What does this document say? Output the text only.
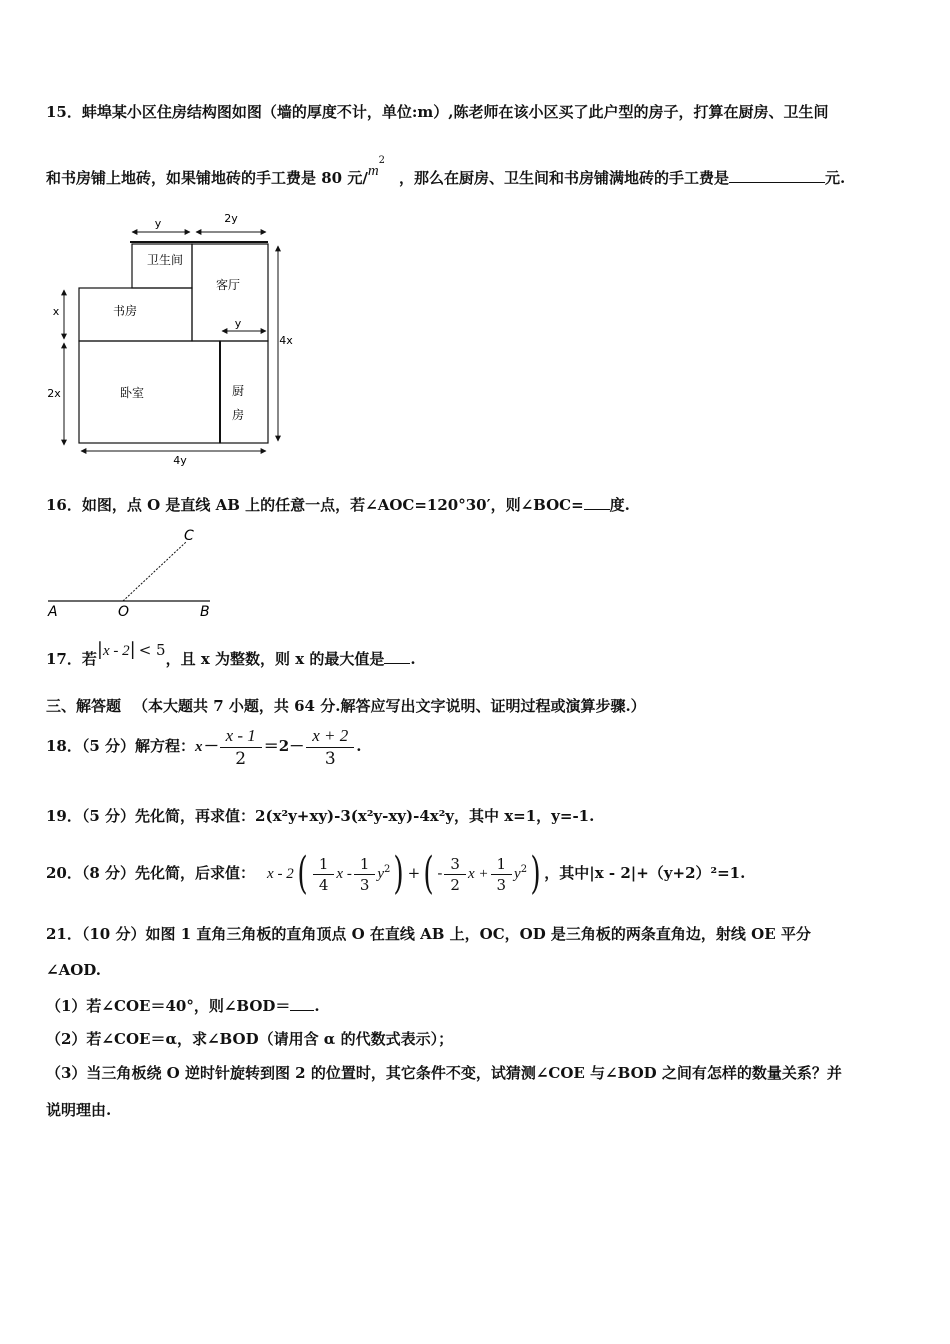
15．蚌埠某小区住房结构图如图（墙的厚度不计，单位:m）,陈老师在该小区买了此户型的房子，打算在厨房、卫生间
和书房铺上地砖，如果铺地砖的手工费是 80 元$/m^2$，那么在厨房、卫生间和书房铺满地砖的手工费是	元.
y	2y
y
卫生间
客厅
书房
卧室	厨
房
x
2x
4x
4y
16．如图，点 O 是直线 AB 上的任意一点，若∠AOC=120°30′，则∠BOC= 度.
C
A	O	B
17．若|x - 2| < 5，且 x 为整数，则 x 的最大值是 .
三、解答题 （本大题共 7 小题，共 64 分.解答应写出文字说明、证明过程或演算步骤.）
18．（5 分）解方程：$x- \frac{x - 1}{2} =2- \frac{x + 2}{3}$ .
19．（5 分）先化简，再求值：2(x²y+xy)-3(x²y-xy)-4x²y，其中 x=1，y=-1.
20．（8 分）先化简，后求值： x - $2( \frac{1}{4}$ x - $\frac{1}{3} y^2$) +( - $\frac{3}{2}$ $x + \frac{1}{3} y^2$) ，其中|x - 2|+（y+2）²=1.
21．（10 分）如图 1 直角三角板的直角顶点 O 在直线 AB 上，OC，OD 是三角板的两条直角边，射线 OE 平分
∠AOD.
（1）若∠COE＝40°，则∠BOD＝ .
（2）若∠COE＝α，求∠BOD（请用含 α 的代数式表示）；
（3）当三角板绕 O 逆时针旋转到图 2 的位置时，其它条件不变，试猜测∠COE 与∠BOD 之间有怎样的数量关系？并
说明理由.
